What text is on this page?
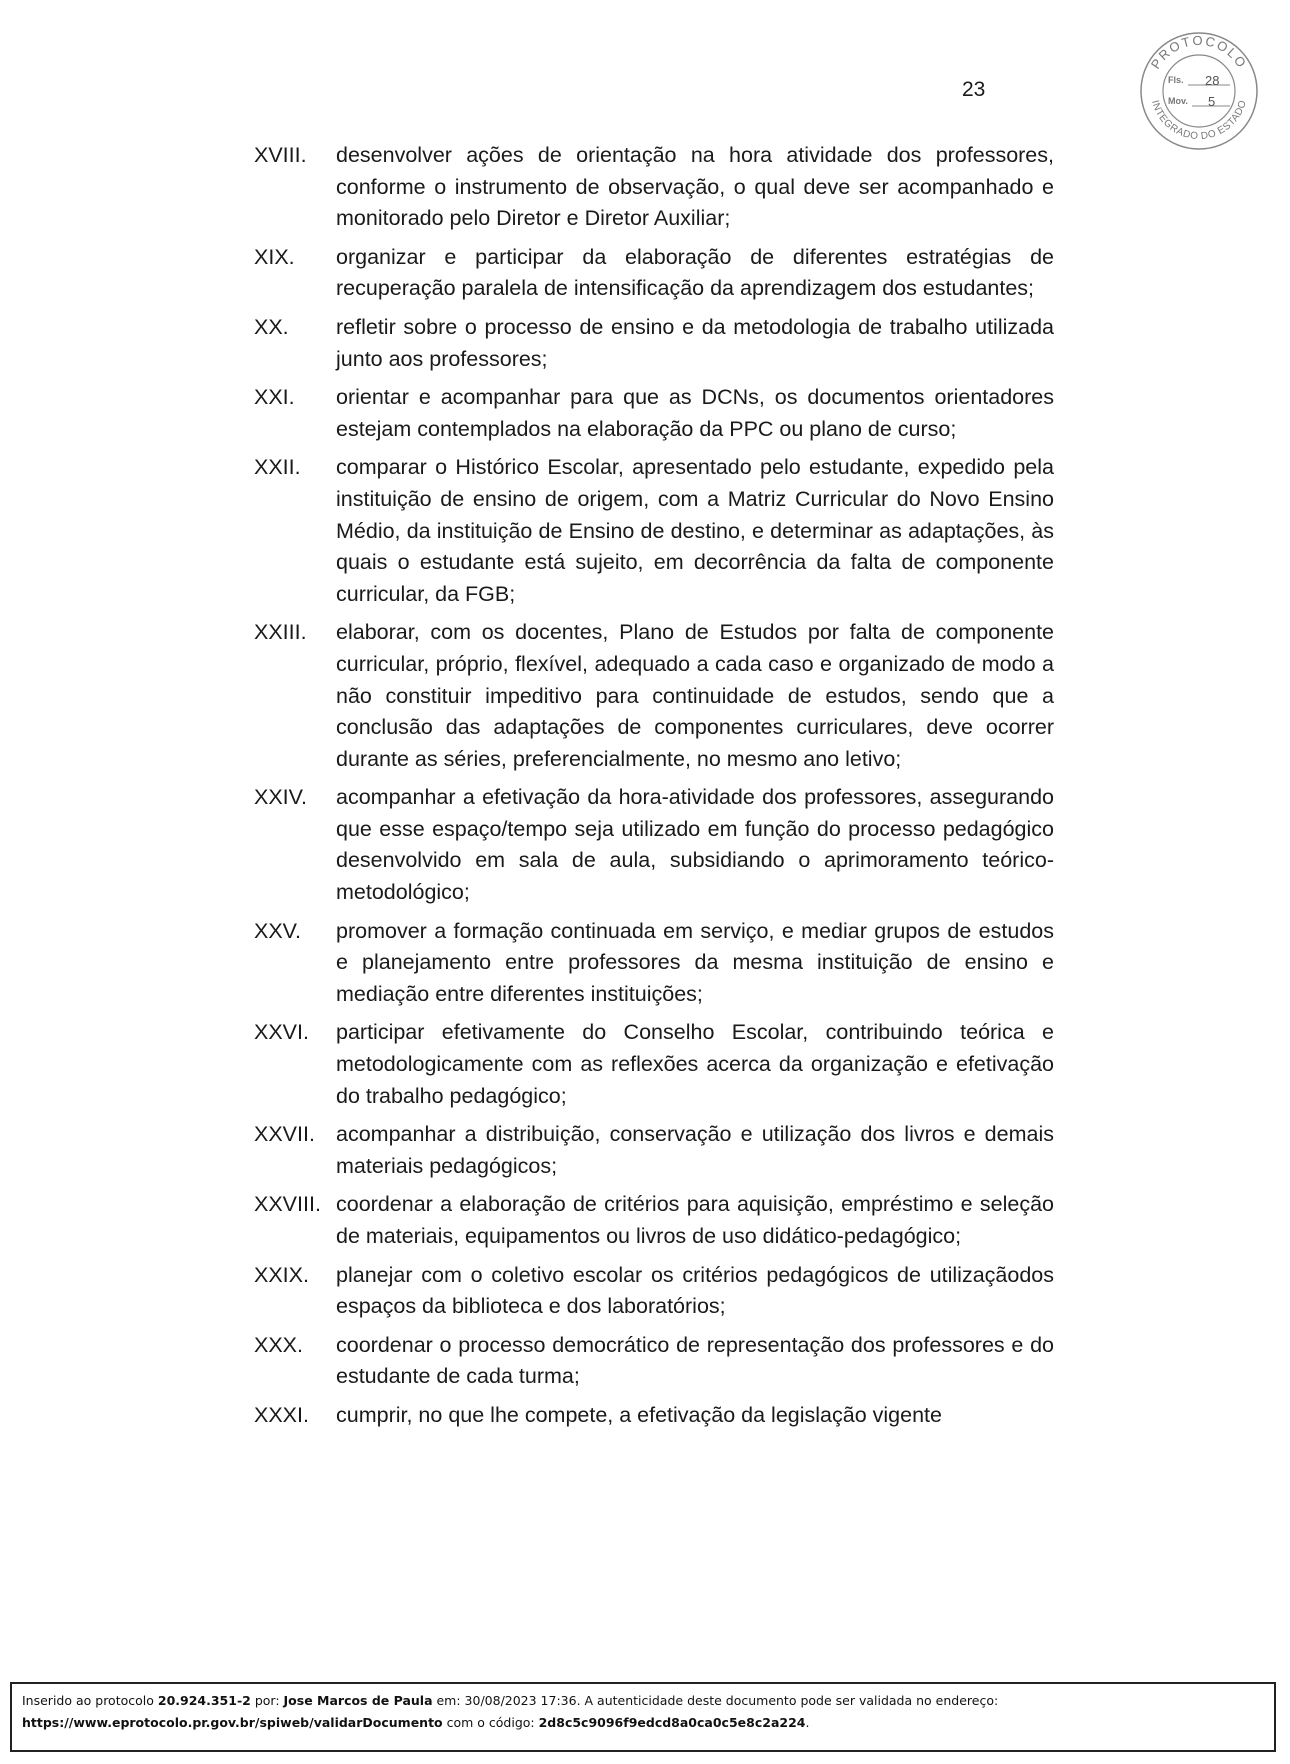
23
PROTOCOLO
INTEGRADO DO ESTADO
Fls.
Mov.
28
5
XVIII.	desenvolver ações de orientação na hora atividade dos professores, conforme o instrumento de observação, o qual deve ser acompanhado e monitorado pelo Diretor e Diretor Auxiliar;
XIX.	organizar e participar da elaboração de diferentes estratégias de recuperação paralela de intensificação da aprendizagem dos estudantes;
XX.	refletir sobre o processo de ensino e da metodologia de trabalho utilizada junto aos professores;
XXI.	orientar e acompanhar para que as DCNs, os documentos orientadores estejam contemplados na elaboração da PPC ou plano de curso;
XXII.	comparar o Histórico Escolar, apresentado pelo estudante, expedido pela instituição de ensino de origem, com a Matriz Curricular do Novo Ensino Médio, da instituição de Ensino de destino, e determinar as adaptações, às quais o estudante está sujeito, em decorrência da falta de componente curricular, da FGB;
XXIII.	elaborar, com os docentes, Plano de Estudos por falta de componente curricular, próprio, flexível, adequado a cada caso e organizado de modo a não constituir impeditivo para continuidade de estudos, sendo que a conclusão das adaptações de componentes curriculares, deve ocorrer durante as séries, preferencialmente, no mesmo ano letivo;
XXIV.	acompanhar a efetivação da hora-atividade dos professores, assegurando que esse espaço/tempo seja utilizado em função do processo pedagógico desenvolvido em sala de aula, subsidiando o aprimoramento teórico-metodológico;
XXV.	promover a formação continuada em serviço, e mediar grupos de estudos e planejamento entre professores da mesma instituição de ensino e mediação entre diferentes instituições;
XXVI.	participar efetivamente do Conselho Escolar, contribuindo teórica e metodologicamente com as reflexões acerca da organização e efetivação do trabalho pedagógico;
XXVII. acompanhar a distribuição, conservação e utilização dos livros e demais materiais pedagógicos;
XXVIII. coordenar a elaboração de critérios para aquisição, empréstimo e seleção de materiais, equipamentos ou livros de uso didático-pedagógico;
XXIX.	planejar com o coletivo escolar os critérios pedagógicos de utilizaçãodos espaços da biblioteca e dos laboratórios;
XXX.	coordenar o processo democrático de representação dos professores e do estudante de cada turma;
XXXI.	cumprir, no que lhe compete, a efetivação da legislação vigente
Inserido ao protocolo 20.924.351-2 por: Jose Marcos de Paula em: 30/08/2023 17:36. A autenticidade deste documento pode ser validada no endereço:
https://www.eprotocolo.pr.gov.br/spiweb/validarDocumento com o código: 2d8c5c9096f9edcd8a0ca0c5e8c2a224.
